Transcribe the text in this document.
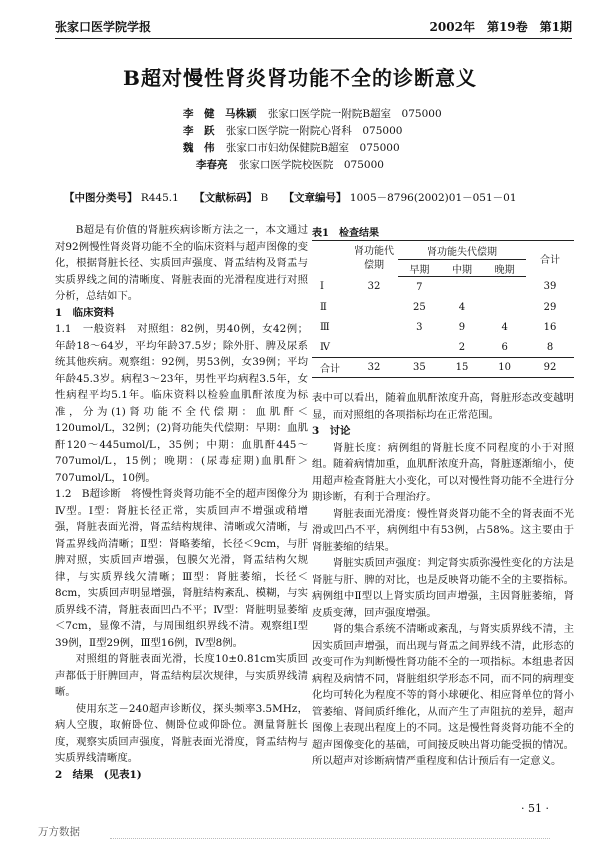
张家口医学院学报	2002年　第19卷　第1期
B超对慢性肾炎肾功能不全的诊断意义
李　健　马株颖 张家口医学院一附院B超室　075000
李　跃 张家口医学院一附院心肾科　075000
魏　伟 张家口市妇幼保健院B超室　075000
李春亮 张家口医学院校医院　075000
【中图分类号】 R445.1 【文献标码】 B 【文章编号】 1005－8796(2002)01－051－01

B超是有价值的肾脏疾病诊断方法之一，本文通过对92例慢性肾炎肾功能不全的临床资料与超声图像的变化，根据肾脏长径、实质回声强度、肾盂结构及肾盂与实质界线之间的清晰度、肾脏表面的光滑程度进行对照分析，总结如下。

1　临床资料

1.1　一般资料　对照组：82例，男40例，女42例；年龄18～64岁，平均年龄37.5岁；除外肝、脾及尿系统其他疾病。观察组：92例，男53例，女39例；平均年龄45.3岁。病程3～23年，男性平均病程3.5年，女性病程平均5.1年。临床资料以检验血肌酐浓度为标准，分为(1)肾功能不全代偿期：血肌酐＜120umol/L，32例；(2)肾功能失代偿期：早期：血肌酐120～445umol/L，35例；中期：血肌酐445～707umol/L，15例；晚期：(尿毒症期)血肌酐＞707umol/L，10例。

1.2　B超诊断　将慢性肾炎肾功能不全的超声图像分为Ⅳ型。Ⅰ型：肾脏长径正常，实质回声不增强或稍增强，肾脏表面光滑，肾盂结构规律、清晰或欠清晰，与肾盂界线尚清晰；Ⅱ型：肾略萎缩，长径＜9cm，与肝脾对照，实质回声增强，包膜欠光滑，肾盂结构欠规律，与实质界线欠清晰；Ⅲ型：肾脏萎缩，长径＜8cm，实质回声明显增强，肾脏结构紊乱、模糊，与实质界线不清，肾脏表面凹凸不平；Ⅳ型：肾脏明显萎缩＜7cm，显像不清，与周围组织界线不清。观察组Ⅰ型39例，Ⅱ型29例，Ⅲ型16例，Ⅳ型8例。

对照组的肾脏表面光滑，长度10±0.81cm实质回声都低于肝脾回声，肾盂结构层次规律，与实质界线清晰。

使用东芝－240超声诊断仪，探头频率3.5MHz，病人空腹，取俯卧位、侧卧位或仰卧位。测量肾脏长度，观察实质回声强度，肾脏表面光滑度，肾盂结构与实质界线清晰度。

2　结果　(见表1)

表1　检查结果
	肾功能代偿期	肾功能失代偿期			合计
		早期	中期	晚期	
Ⅰ	32	7			39
Ⅱ		25	4		29
Ⅲ		3	9	4	16
Ⅳ			2	6	8
合计	32	35	15	10	92

表中可以看出，随着血肌酐浓度升高，肾脏形态改变越明显，而对照组的各项指标均在正常范围。

3　讨论

肾脏长度：病例组的肾脏长度不同程度的小于对照组。随着病情加重，血肌酐浓度升高，肾脏逐渐缩小，使用超声检查肾脏大小变化，可以对慢性肾功能不全进行分期诊断，有利于合理治疗。

肾脏表面光滑度：慢性肾炎肾功能不全的肾表面不光滑或凹凸不平，病例组中有53例，占58%。这主要由于肾脏萎缩的结果。

肾脏实质回声强度：判定肾实质弥漫性变化的方法是肾脏与肝、脾的对比，也是反映肾功能不全的主要指标。病例组中Ⅱ型以上肾实质均回声增强，主因肾脏萎缩，肾皮质变薄，回声强度增强。

肾的集合系统不清晰或紊乱，与肾实质界线不清，主因实质回声增强，而出现与肾盂之间界线不清，此形态的改变可作为判断慢性肾功能不全的一项指标。本组患者因病程及病情不同，肾脏组织学形态不同，而不同的病理变化均可转化为程度不等的肾小球硬化、相应肾单位的肾小管萎缩、肾间质纤维化，从而产生了声阻抗的差异，超声图像上表现出程度上的不同。这是慢性肾炎肾功能不全的超声图像变化的基础，可间接反映出肾功能受损的情况。所以超声对诊断病情严重程度和估计预后有一定意义。

· 51 ·
万方数据
